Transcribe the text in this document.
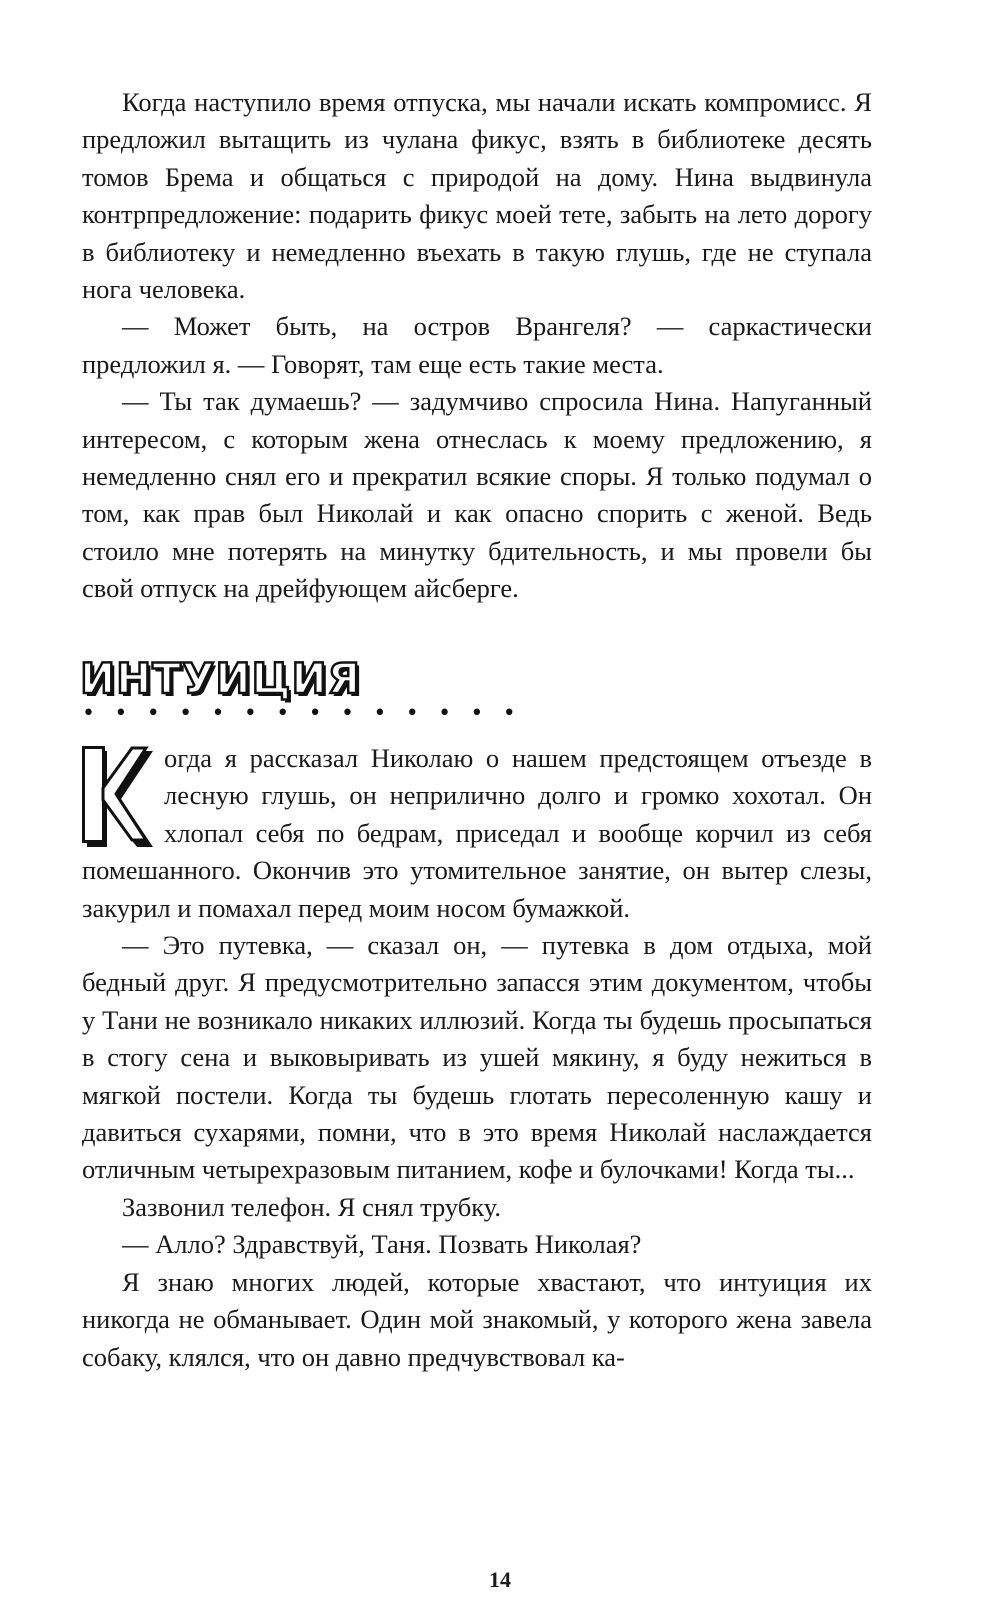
Когда наступило время отпуска, мы начали искать компромисс. Я предложил вытащить из чулана фикус, взять в библиотеке десять томов Брема и общаться с природой на дому. Нина выдвинула контрпредложение: подарить фикус моей тете, забыть на лето дорогу в библиотеку и немедленно въехать в такую глушь, где не ступала нога человека.

— Может быть, на остров Врангеля? — саркастически предложил я. — Говорят, там еще есть такие места.

— Ты так думаешь? — задумчиво спросила Нина. Напуганный интересом, с которым жена отнеслась к моему предложению, я немедленно снял его и прекратил всякие споры. Я только подумал о том, как прав был Николай и как опасно спорить с женой. Ведь стоило мне потерять на минутку бдительность, и мы провели бы свой отпуск на дрейфующем айсберге.

ИНТУИЦИЯ
• • • • • • • • • • • • • •

огда я рассказал Николаю о нашем предстоящем отъезде в лесную глушь, он неприлично долго и громко хохотал. Он хлопал себя по бедрам, приседал и вообще корчил из себя помешанного. Окончив это утомительное занятие, он вытер слезы, закурил и помахал перед моим носом бумажкой.

— Это путевка, — сказал он, — путевка в дом отдыха, мой бедный друг. Я предусмотрительно запасся этим документом, чтобы у Тани не возникало никаких иллюзий. Когда ты будешь просыпаться в стогу сена и выковыривать из ушей мякину, я буду нежиться в мягкой постели. Когда ты будешь глотать пересоленную кашу и давиться сухарями, помни, что в это время Николай наслаждается отличным четырехразовым питанием, кофе и булочками! Когда ты...

Зазвонил телефон. Я снял трубку.

— Алло? Здравствуй, Таня. Позвать Николая?

Я знаю многих людей, которые хвастают, что интуиция их никогда не обманывает. Один мой знакомый, у которого жена завела собаку, клялся, что он давно предчувствовал ка-

14
